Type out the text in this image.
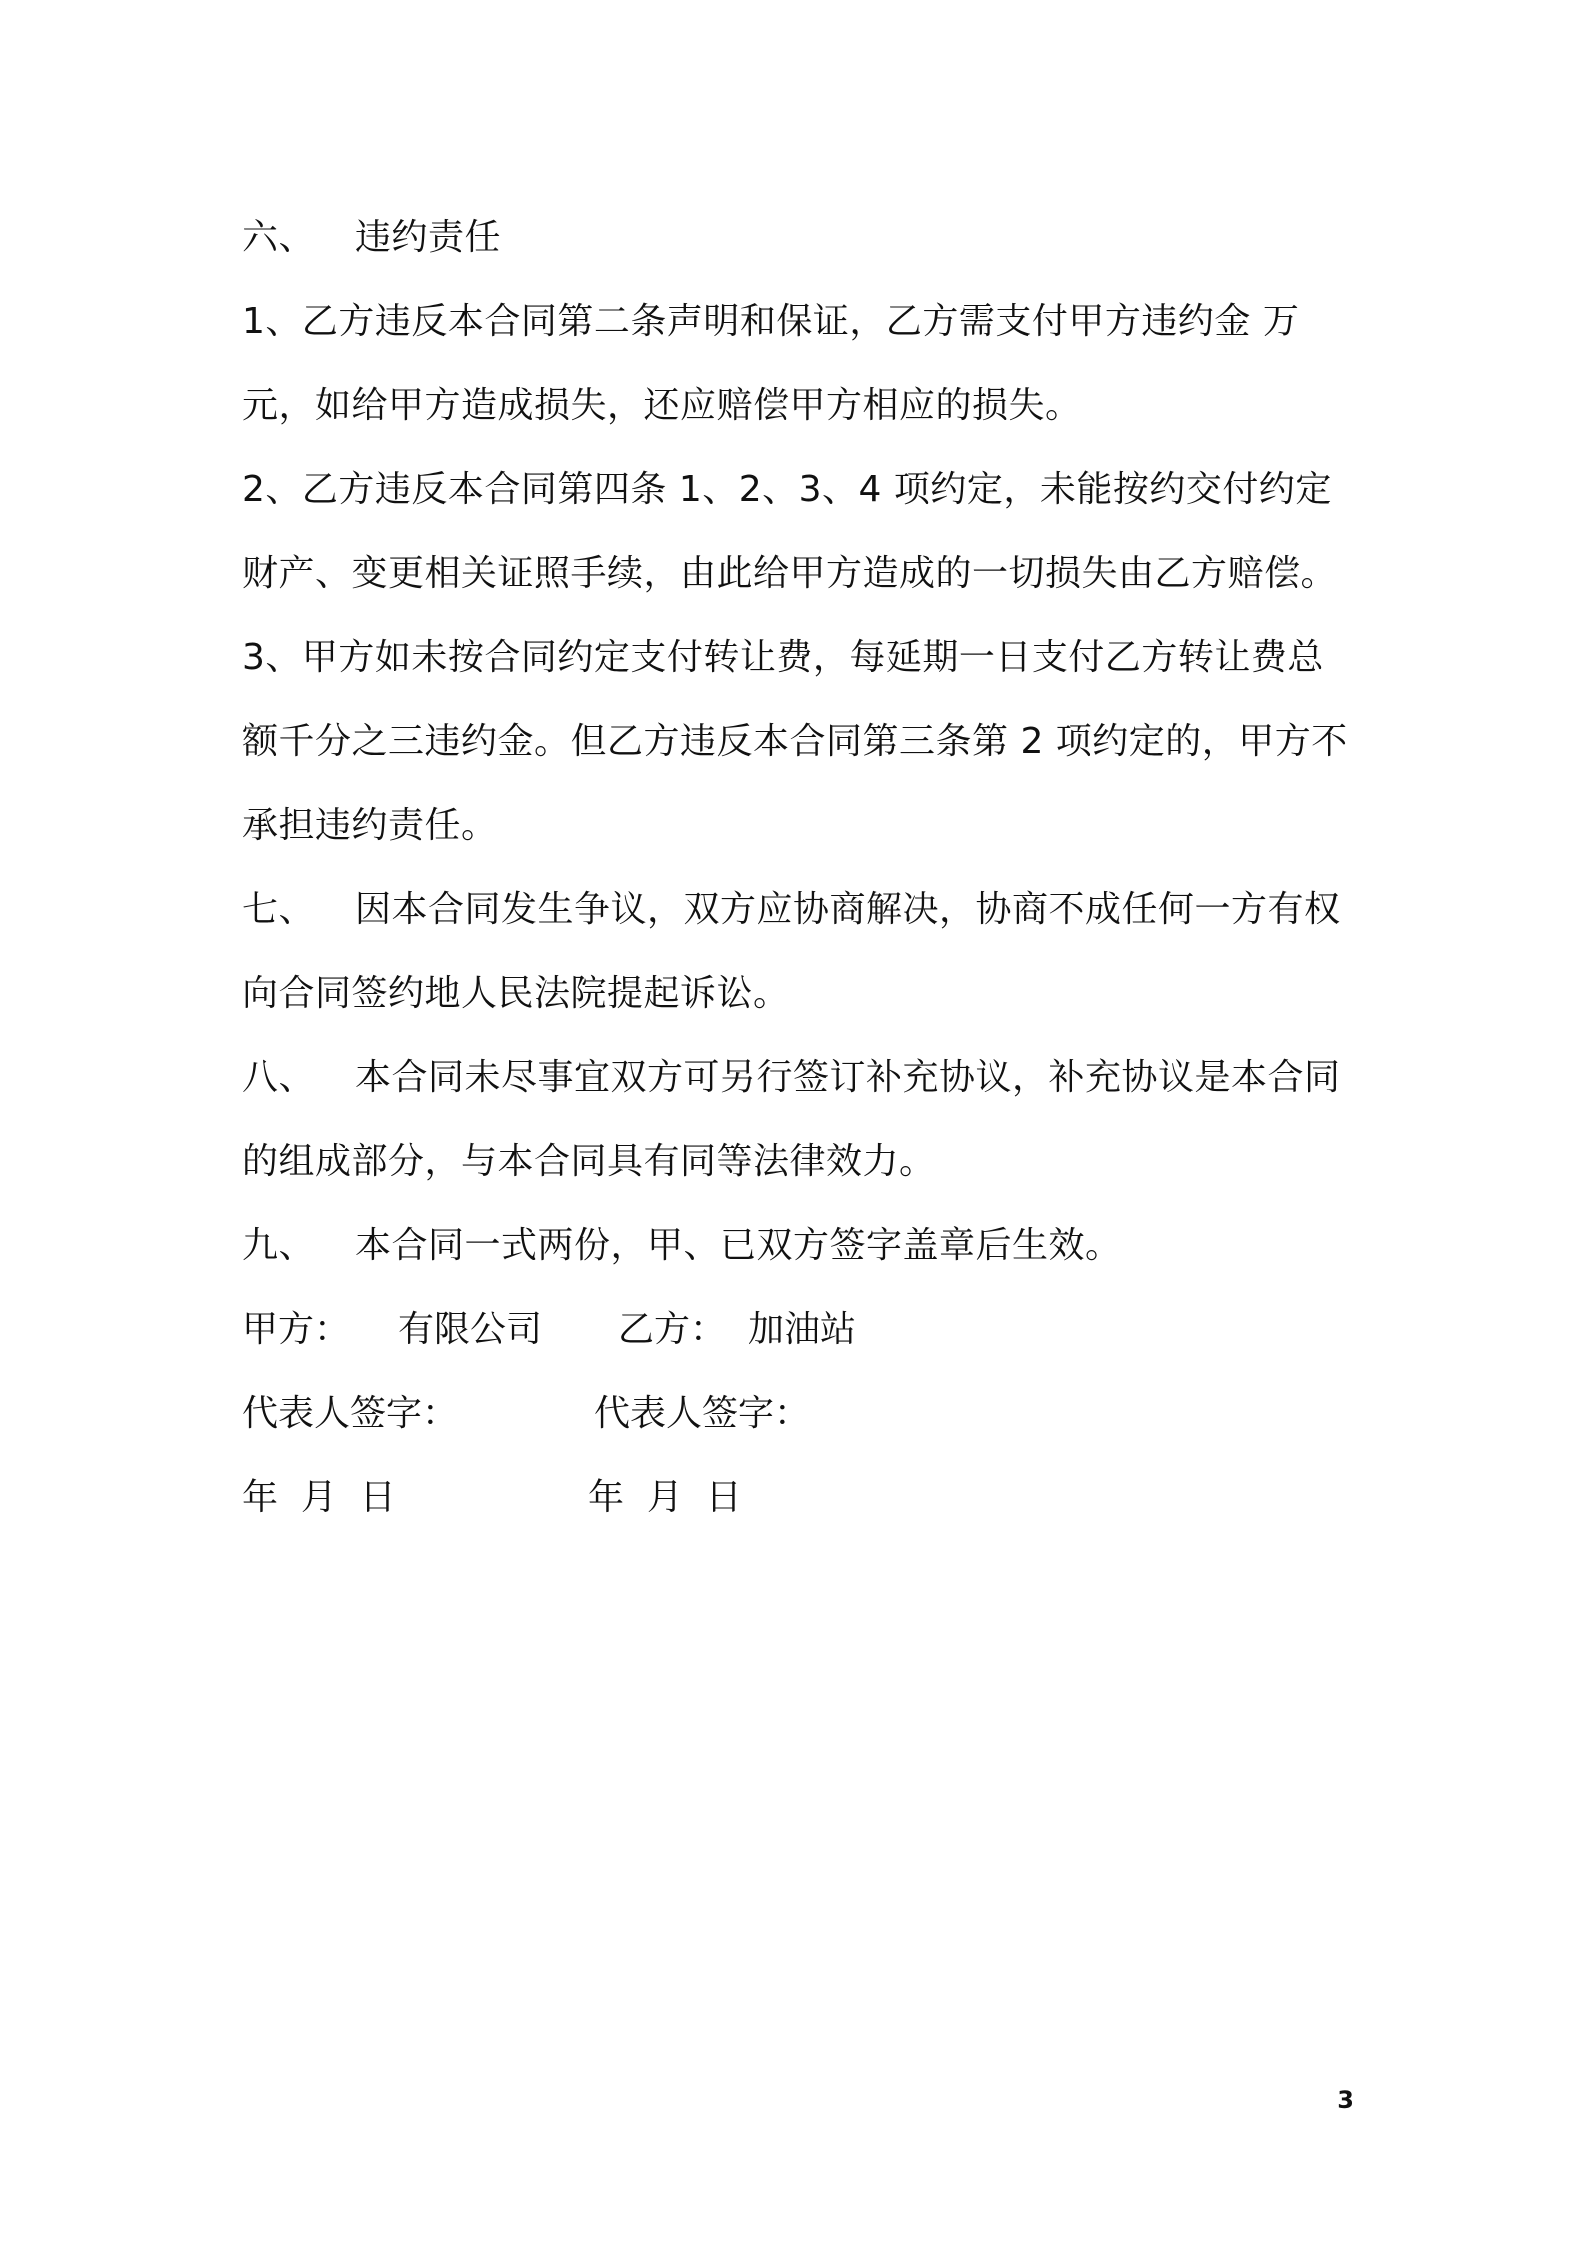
六、 违约责任
1、乙方违反本合同第二条声明和保证，乙方需支付甲方违约金 万
元，如给甲方造成损失，还应赔偿甲方相应的损失。
2、乙方违反本合同第四条 1、2、3、4 项约定，未能按约交付约定
财产、变更相关证照手续，由此给甲方造成的一切损失由乙方赔偿。
3、甲方如未按合同约定支付转让费，每延期一日支付乙方转让费总
额千分之三违约金。但乙方违反本合同第三条第 2 项约定的，甲方不
承担违约责任。
七、 因本合同发生争议，双方应协商解决，协商不成任何一方有权
向合同签约地人民法院提起诉讼。
八、 本合同未尽事宜双方可另行签订补充协议，补充协议是本合同
的组成部分，与本合同具有同等法律效力。
九、 本合同一式两份，甲、已双方签字盖章后生效。
甲方： 有限公司 乙方： 加油站
代表人签字：	代表人签字：
年  月  日	年  月  日
3
